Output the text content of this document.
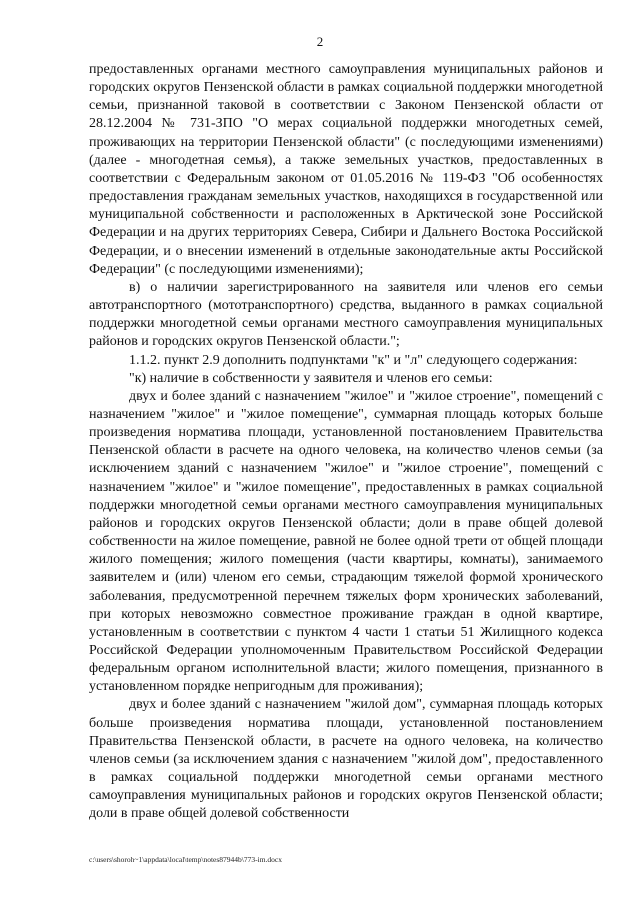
2

предоставленных органами местного самоуправления муниципальных районов и городских округов Пензенской области в рамках социальной поддержки многодетной семьи, признанной таковой в соответствии с Законом Пензенской области от 28.12.2004 № 731-ЗПО "О мерах социальной поддержки многодетных семей, проживающих на территории Пензенской области" (с последующими изменениями) (далее - многодетная семья), а также земельных участков, предоставленных в соответствии с Федеральным законом от 01.05.2016 № 119-ФЗ "Об особенностях предоставления гражданам земельных участков, находящихся в государственной или муниципальной собственности и расположенных в Арктической зоне Российской Федерации и на других территориях Севера, Сибири и Дальнего Востока Российской Федерации, и о внесении изменений в отдельные законодательные акты Российской Федерации" (с последующими изменениями);

в) о наличии зарегистрированного на заявителя или членов его семьи автотранспортного (мототранспортного) средства, выданного в рамках социальной поддержки многодетной семьи органами местного самоуправления муниципальных районов и городских округов Пензенской области.";

1.1.2. пункт 2.9 дополнить подпунктами "к" и "л" следующего содержания:

"к) наличие в собственности у заявителя и членов его семьи:

двух и более зданий с назначением "жилое" и "жилое строение", помещений с назначением "жилое" и "жилое помещение", суммарная площадь которых больше произведения норматива площади, установленной постановлением Правительства Пензенской области в расчете на одного человека, на количество членов семьи (за исключением зданий с назначением "жилое" и "жилое строение", помещений с назначением "жилое" и "жилое помещение", предоставленных в рамках социальной поддержки многодетной семьи органами местного самоуправления муниципальных районов и городских округов Пензенской области; доли в праве общей долевой собственности на жилое помещение, равной не более одной трети от общей площади жилого помещения; жилого помещения (части квартиры, комнаты), занимаемого заявителем и (или) членом его семьи, страдающим тяжелой формой хронического заболевания, предусмотренной перечнем тяжелых форм хронических заболеваний, при которых невозможно совместное проживание граждан в одной квартире, установленным в соответствии с пунктом 4 части 1 статьи 51 Жилищного кодекса Российской Федерации уполномоченным Правительством Российской Федерации федеральным органом исполнительной власти; жилого помещения, признанного в установленном порядке непригодным для проживания);

двух и более зданий с назначением "жилой дом", суммарная площадь которых больше произведения норматива площади, установленной постановлением Правительства Пензенской области, в расчете на одного человека, на количество членов семьи (за исключением здания с назначением "жилой дом", предоставленного в рамках социальной поддержки многодетной семьи органами местного самоуправления муниципальных районов и городских округов Пензенской области; доли в праве общей долевой собственности

c:\users\shoroh~1\appdata\local\temp\notes87944b\773-im.docx
